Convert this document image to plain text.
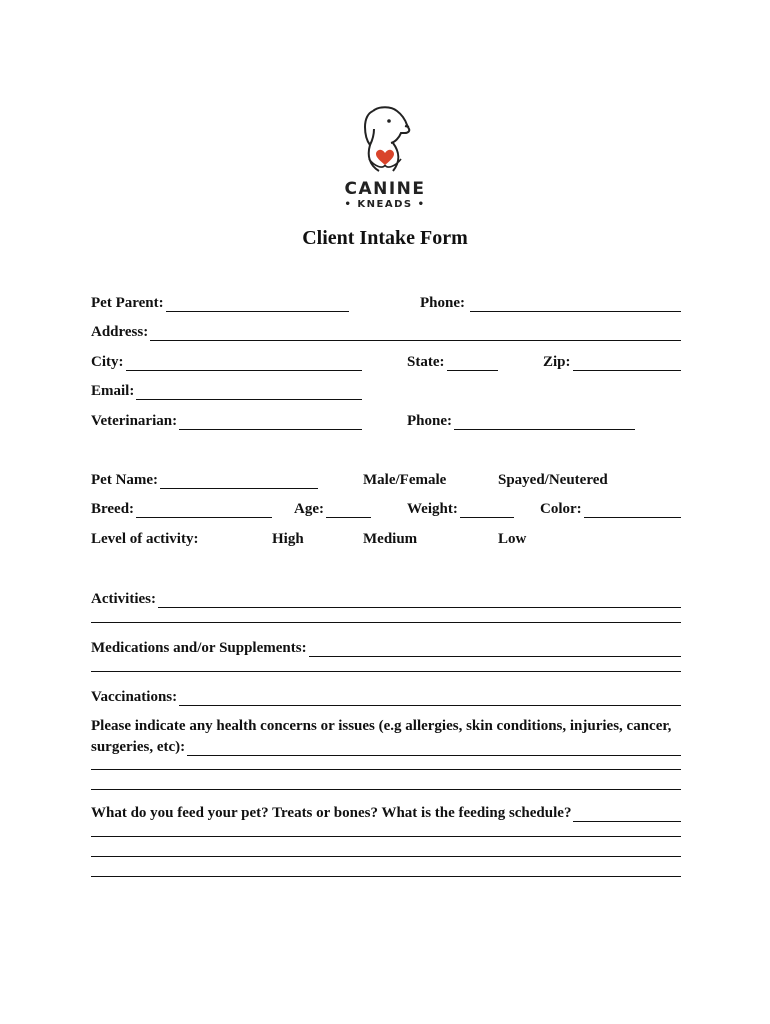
CANINE
• KNEADS •
Client Intake Form
Pet Parent:	Phone:
Address:
City:	State:	Zip:
Email:
Veterinarian:	Phone:
Pet Name:	Male/Female	Spayed/Neutered
Breed:	Age:	Weight:	Color:
Level of activity:	High	Medium	Low
Activities:
Medications and/or Supplements:
Vaccinations:
Please indicate any health concerns or issues (e.g allergies, skin conditions, injuries, cancer,
surgeries, etc):
What do you feed your pet? Treats or bones? What is the feeding schedule?
